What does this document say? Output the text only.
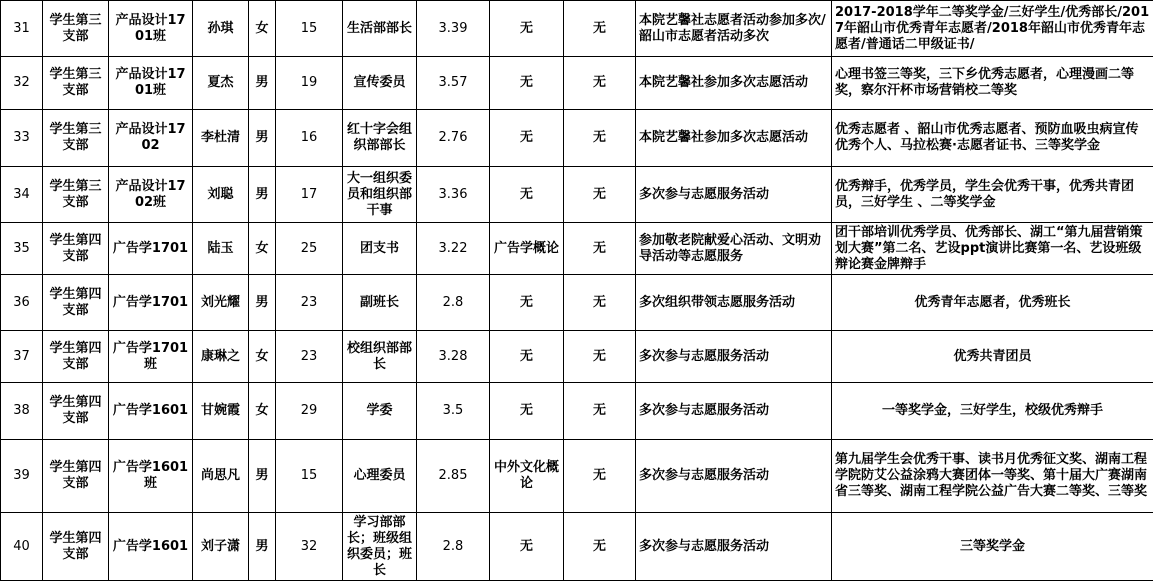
31	学生第三支部	产品设计1701班	孙琪	女	15	生活部部长	3.39	无	无	本院艺馨社志愿者活动参加多次/韶山市志愿者活动多次	2017-2018学年二等奖学金/三好学生/优秀部长/2017年韶山市优秀青年志愿者/2018年韶山市优秀青年志愿者/普通话二甲级证书/
32	学生第三支部	产品设计1701班	夏杰	男	19	宣传委员	3.57	无	无	本院艺馨社参加多次志愿活动	心理书签三等奖，三下乡优秀志愿者，心理漫画二等奖，察尔汗杯市场营销校二等奖
33	学生第三支部	产品设计1702	李杜清	男	16	红十字会组织部部长	2.76	无	无	本院艺馨社参加多次志愿活动	优秀志愿者 、韶山市优秀志愿者、预防血吸虫病宣传优秀个人、马拉松赛·志愿者证书、三等奖学金
34	学生第三支部	产品设计1702班	刘聪	男	17	大一组织委员和组织部干事	3.36	无	无	多次参与志愿服务活动	优秀辩手，优秀学员，学生会优秀干事，优秀共青团员，三好学生 、二等奖学金
35	学生第四支部	广告学1701	陆玉	女	25	团支书	3.22	广告学概论	无	参加敬老院献爱心活动、文明劝导活动等志愿服务	团干部培训优秀学员、优秀部长、湖工“第九届营销策划大赛”第二名、艺设ppt演讲比赛第一名、艺设班级辩论赛金牌辩手
36	学生第四支部	广告学1701	刘光耀	男	23	副班长	2.8	无	无	多次组织带领志愿服务活动	优秀青年志愿者，优秀班长
37	学生第四支部	广告学1701班	康琳之	女	23	校组织部部长	3.28	无	无	多次参与志愿服务活动	优秀共青团员
38	学生第四支部	广告学1601	甘婉霞	女	29	学委	3.5	无	无	多次参与志愿服务活动	一等奖学金，三好学生，校级优秀辩手
39	学生第四支部	广告学1601班	尚思凡	男	15	心理委员	2.85	中外文化概论	无	多次参与志愿服务活动	第九届学生会优秀干事、读书月优秀征文奖、湖南工程学院防艾公益涂鸦大赛团体一等奖、第十届大广赛湖南省三等奖、湖南工程学院公益广告大赛二等奖、三等奖
40	学生第四支部	广告学1601	刘子潇	男	32	学习部部长；班级组织委员；班长	2.8	无	无	多次参与志愿服务活动	三等奖学金
